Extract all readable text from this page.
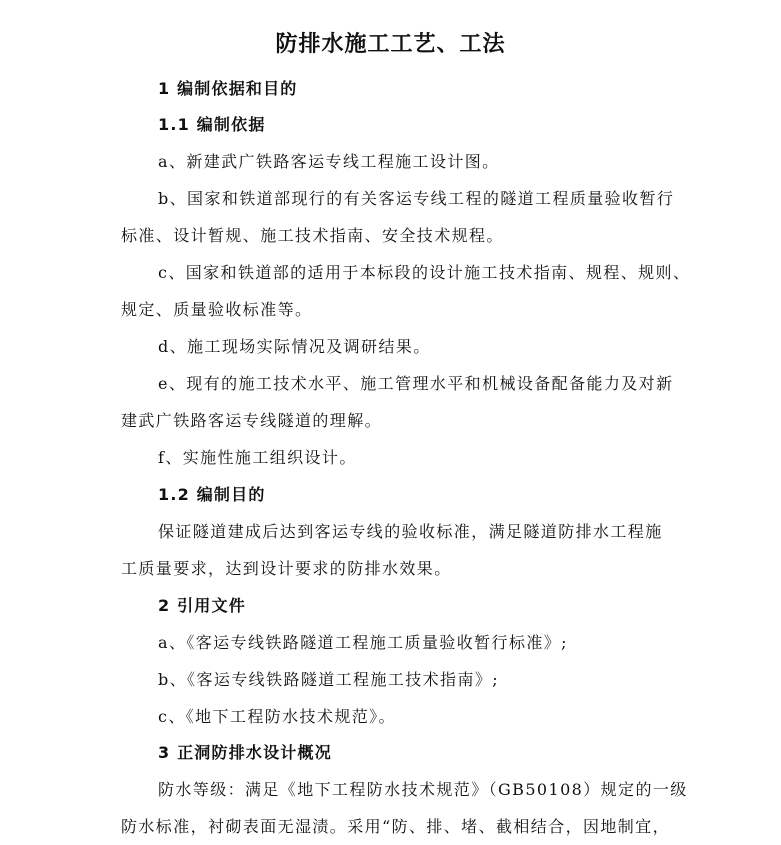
防排水施工工艺、工法
1 编制依据和目的
1.1 编制依据
a、新建武广铁路客运专线工程施工设计图。
b、国家和铁道部现行的有关客运专线工程的隧道工程质量验收暂行
标准、设计暂规、施工技术指南、安全技术规程。
c、国家和铁道部的适用于本标段的设计施工技术指南、规程、规则、
规定、质量验收标准等。
d、施工现场实际情况及调研结果。
e、现有的施工技术水平、施工管理水平和机械设备配备能力及对新
建武广铁路客运专线隧道的理解。
f、实施性施工组织设计。
1.2 编制目的
保证隧道建成后达到客运专线的验收标准，满足隧道防排水工程施
工质量要求，达到设计要求的防排水效果。
2 引用文件
a、《客运专线铁路隧道工程施工质量验收暂行标准》;
b、《客运专线铁路隧道工程施工技术指南》;
c、《地下工程防水技术规范》。
3 正洞防排水设计概况
防水等级：满足《地下工程防水技术规范》（GB50108）规定的一级
防水标准，衬砌表面无湿渍。采用“防、排、堵、截相结合，因地制宜，
